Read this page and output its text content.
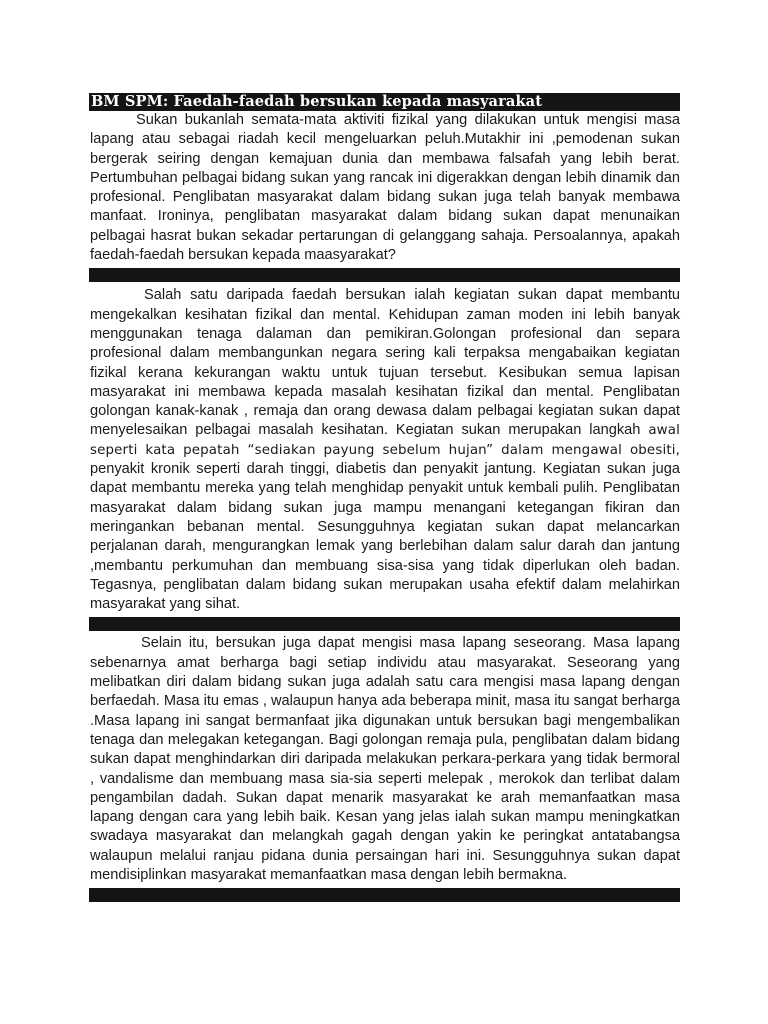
BM SPM: Faedah-faedah bersukan kepada masyarakat

Sukan bukanlah semata-mata aktiviti fizikal yang dilakukan untuk mengisi masa lapang atau sebagai riadah kecil mengeluarkan peluh.Mutakhir ini ,pemodenan sukan bergerak seiring dengan kemajuan dunia dan membawa falsafah yang lebih berat. Pertumbuhan pelbagai bidang sukan yang rancak ini digerakkan dengan lebih dinamik dan profesional. Penglibatan masyarakat dalam bidang sukan juga telah banyak membawa manfaat. Ironinya, penglibatan masyarakat dalam bidang sukan dapat menunaikan pelbagai hasrat bukan sekadar pertarungan di gelanggang sahaja. Persoalannya, apakah faedah-faedah bersukan kepada maasyarakat?

Salah satu daripada faedah bersukan ialah kegiatan sukan dapat membantu mengekalkan kesihatan fizikal dan mental. Kehidupan zaman moden ini lebih banyak menggunakan tenaga dalaman dan pemikiran.Golongan profesional dan separa profesional dalam membangunkan negara sering kali terpaksa mengabaikan kegiatan fizikal kerana kekurangan waktu untuk tujuan tersebut. Kesibukan semua lapisan masyarakat ini membawa kepada masalah kesihatan fizikal dan mental. Penglibatan golongan kanak-kanak , remaja dan orang dewasa dalam pelbagai kegiatan sukan dapat menyelesaikan pelbagai masalah kesihatan. Kegiatan sukan merupakan langkah awal seperti kata pepatah “sediakan payung sebelum hujan” dalam mengawal obesiti, penyakit kronik seperti darah tinggi, diabetis dan penyakit jantung. Kegiatan sukan juga dapat membantu mereka yang telah menghidap penyakit untuk kembali pulih. Penglibatan masyarakat dalam bidang sukan juga mampu menangani ketegangan fikiran dan meringankan bebanan mental. Sesungguhnya kegiatan sukan dapat melancarkan perjalanan darah, mengurangkan lemak yang berlebihan dalam salur darah dan jantung ,membantu perkumuhan dan membuang sisa-sisa yang tidak diperlukan oleh badan. Tegasnya, penglibatan dalam bidang sukan merupakan usaha efektif dalam melahirkan masyarakat yang sihat.

Selain itu, bersukan juga dapat mengisi masa lapang seseorang. Masa lapang sebenarnya amat berharga bagi setiap individu atau masyarakat. Seseorang yang melibatkan diri dalam bidang sukan juga adalah satu cara mengisi masa lapang dengan berfaedah. Masa itu emas , walaupun hanya ada beberapa minit, masa itu sangat berharga .Masa lapang ini sangat bermanfaat jika digunakan untuk bersukan bagi mengembalikan tenaga dan melegakan ketegangan. Bagi golongan remaja pula, penglibatan dalam bidang sukan dapat menghindarkan diri daripada melakukan perkara-perkara yang tidak bermoral , vandalisme dan membuang masa sia-sia seperti melepak , merokok dan terlibat dalam pengambilan dadah. Sukan dapat menarik masyarakat ke arah memanfaatkan masa lapang dengan cara yang lebih baik. Kesan yang jelas ialah sukan mampu meningkatkan swadaya masyarakat dan melangkah gagah dengan yakin ke peringkat antatabangsa walaupun melalui ranjau pidana dunia persaingan hari ini. Sesungguhnya sukan dapat mendisiplinkan masyarakat memanfaatkan masa dengan lebih bermakna.
